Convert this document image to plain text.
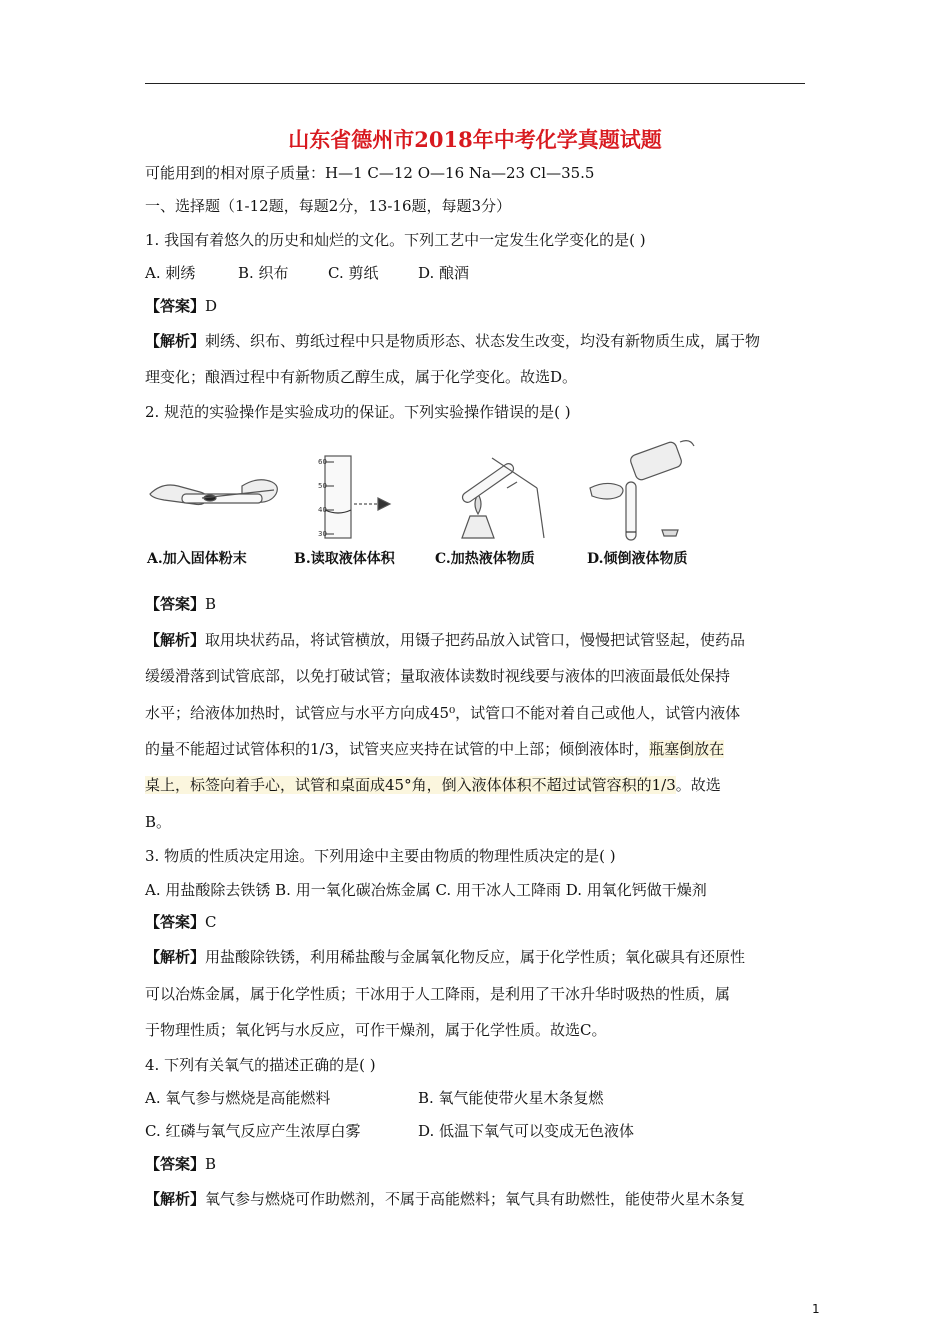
山东省德州市2018年中考化学真题试题
可能用到的相对原子质量：H—1 C—12 O—16 Na—23 Cl—35.5
一、选择题（1-12题，每题2分，13-16题，每题3分）
1. 我国有着悠久的历史和灿烂的文化。下列工艺中一定发生化学变化的是( )
A. 刺绣	B. 织布	C. 剪纸	D. 酿酒
【答案】D
【解析】刺绣、织布、剪纸过程中只是物质形态、状态发生改变，均没有新物质生成，属于物
理变化；酿酒过程中有新物质乙醇生成，属于化学变化。故选D。
2. 规范的实验操作是实验成功的保证。下列实验操作错误的是( )
60
50
40
30
A.加入固体粉末	B.读取液体体积	C.加热液体物质	D.倾倒液体物质
【答案】B
【解析】取用块状药品，将试管横放，用镊子把药品放入试管口，慢慢把试管竖起，使药品
缓缓滑落到试管底部，以免打破试管；量取液体读数时视线要与液体的凹液面最低处保持
水平；给液体加热时，试管应与水平方向成45⁰，试管口不能对着自己或他人，试管内液体
的量不能超过试管体积的1/3，试管夹应夹持在试管的中上部；倾倒液体时，瓶塞倒放在
桌上，标签向着手心，试管和桌面成45°角，倒入液体体积不超过试管容积的1/3。故选
B。
3. 物质的性质决定用途。下列用途中主要由物质的物理性质决定的是( )
A. 用盐酸除去铁锈 B. 用一氧化碳冶炼金属 C. 用干冰人工降雨 D. 用氧化钙做干燥剂
【答案】C
【解析】用盐酸除铁锈，利用稀盐酸与金属氧化物反应，属于化学性质；氧化碳具有还原性
可以冶炼金属，属于化学性质；干冰用于人工降雨，是利用了干冰升华时吸热的性质，属
于物理性质；氧化钙与水反应，可作干燥剂，属于化学性质。故选C。
4. 下列有关氧气的描述正确的是( )
A. 氧气参与燃烧是高能燃料	B. 氧气能使带火星木条复燃
C. 红磷与氧气反应产生浓厚白雾	D. 低温下氧气可以变成无色液体
【答案】B
【解析】氧气参与燃烧可作助燃剂，不属于高能燃料；氧气具有助燃性，能使带火星木条复
1
